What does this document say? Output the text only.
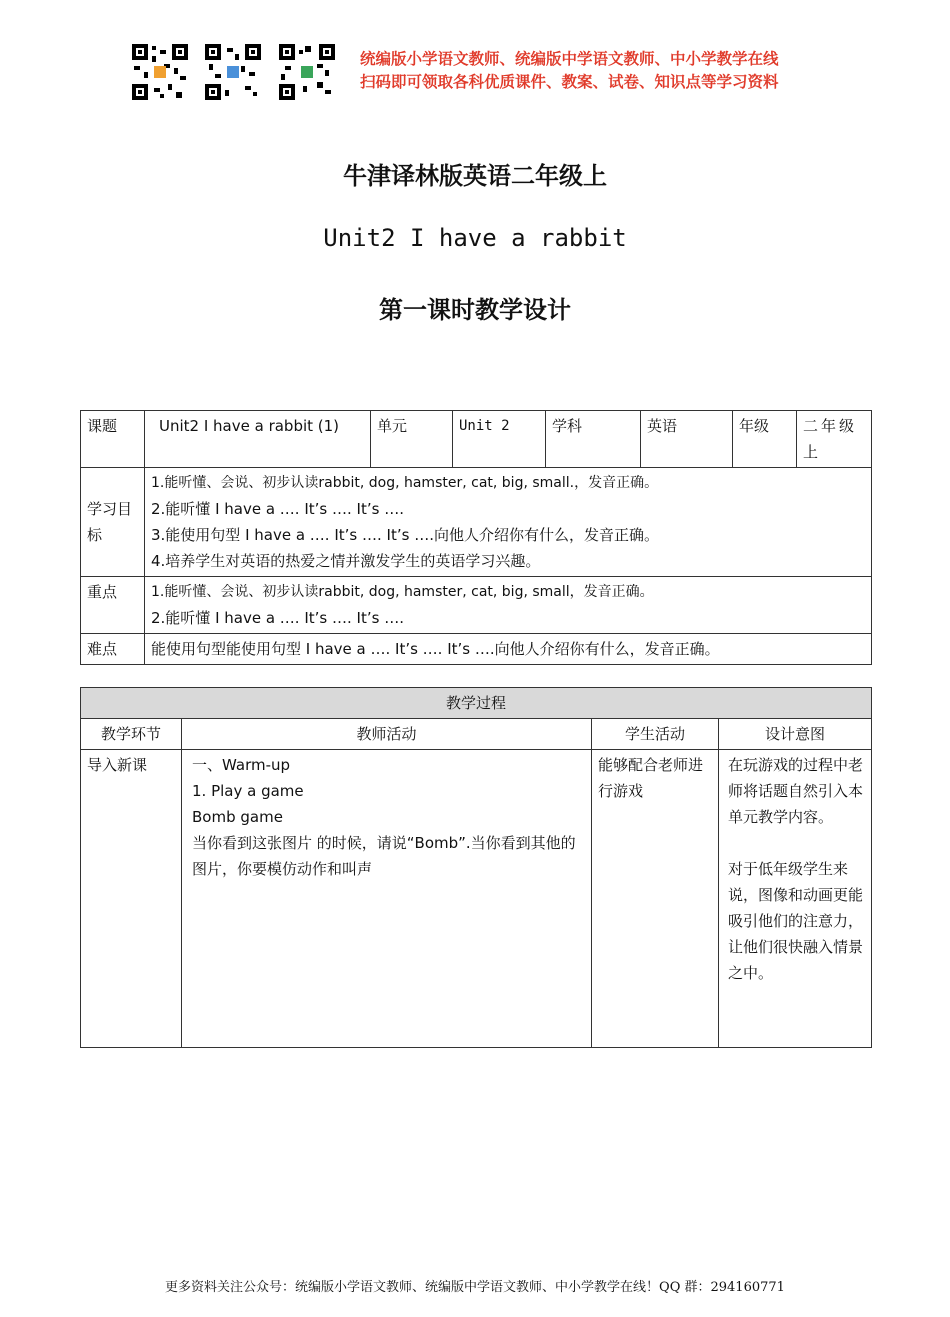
统编版小学语文教师、统编版中学语文教师、中小学教学在线
扫码即可领取各科优质课件、教案、试卷、知识点等学习资料
牛津译林版英语二年级上
Unit2 I have a rabbit
第一课时教学设计
课题	Unit2 I have a rabbit (1)	单元	Unit 2	学科	英语	年级	二年级上
学习目标	1.能听懂、会说、初步认读rabbit, dog, hamster, cat, big, small.，发音正确。
2.能听懂 I have a …. It’s …. It’s ….
3.能使用句型 I have a …. It’s …. It’s ….向他人介绍你有什么，发音正确。
4.培养学生对英语的热爱之情并激发学生的英语学习兴趣。						

重点	1.能听懂、会说、初步认读rabbit, dog, hamster, cat, big, small，发音正确。
2.能听懂 I have a …. It’s …. It’s ….						

难点	能使用句型能使用句型 I have a …. It’s …. It’s ….向他人介绍你有什么，发音正确。						
教学过程			
教学环节	教师活动	学生活动	设计意图
导入新课	一、Warm-up
1. Play a game
Bomb game
当你看到这张图片 的时候，请说“Bomb”.当你看到其他的图片，你要模仿动作和叫声	能够配合老师进行游戏	在玩游戏的过程中老师将话题自然引入本单元教学内容。
对于低年级学生来说，图像和动画更能吸引他们的注意力， 让他们很快融入情景之中。
更多资料关注公众号：统编版小学语文教师、统编版中学语文教师、中小学教学在线！QQ 群：294160771
